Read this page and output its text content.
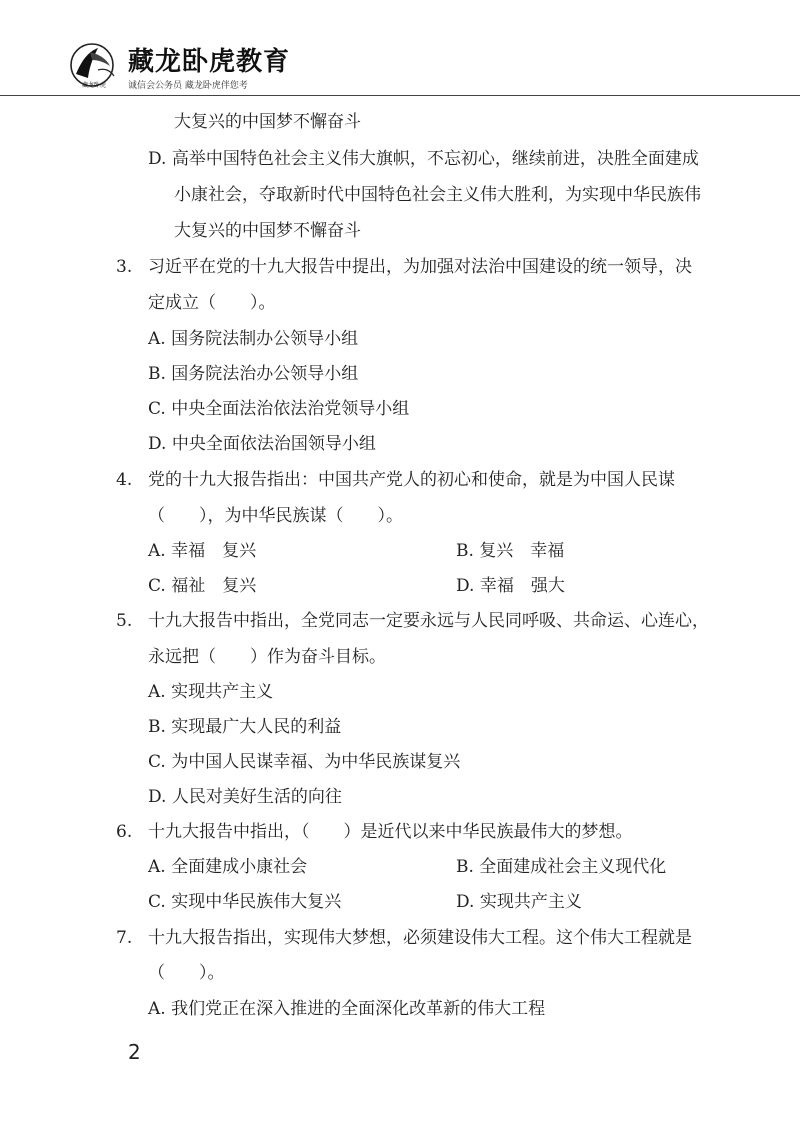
藏龙卧虎
藏龙卧虎教育
诚信会公务员 藏龙卧虎伴您考
大复兴的中国梦不懈奋斗
D. 高举中国特色社会主义伟大旗帜，不忘初心，继续前进，决胜全面建成
小康社会，夺取新时代中国特色社会主义伟大胜利，为实现中华民族伟
大复兴的中国梦不懈奋斗
3. 习近平在党的十九大报告中提出，为加强对法治中国建设的统一领导，决
定成立（　　）。
A. 国务院法制办公领导小组
B. 国务院法治办公领导小组
C. 中央全面法治依法治党领导小组
D. 中央全面依法治国领导小组
4. 党的十九大报告指出：中国共产党人的初心和使命，就是为中国人民谋
（　　），为中华民族谋（　　）。
A. 幸福　复兴	B. 复兴　幸福
C. 福祉　复兴	D. 幸福　强大
5. 十九大报告中指出，全党同志一定要永远与人民同呼吸、共命运、心连心，
永远把（　　）作为奋斗目标。
A. 实现共产主义
B. 实现最广大人民的利益
C. 为中国人民谋幸福、为中华民族谋复兴
D. 人民对美好生活的向往
6. 十九大报告中指出，（　　）是近代以来中华民族最伟大的梦想。
A. 全面建成小康社会	B. 全面建成社会主义现代化
C. 实现中华民族伟大复兴	D. 实现共产主义
7. 十九大报告指出，实现伟大梦想，必须建设伟大工程。这个伟大工程就是
（　　）。
A. 我们党正在深入推进的全面深化改革新的伟大工程
2
